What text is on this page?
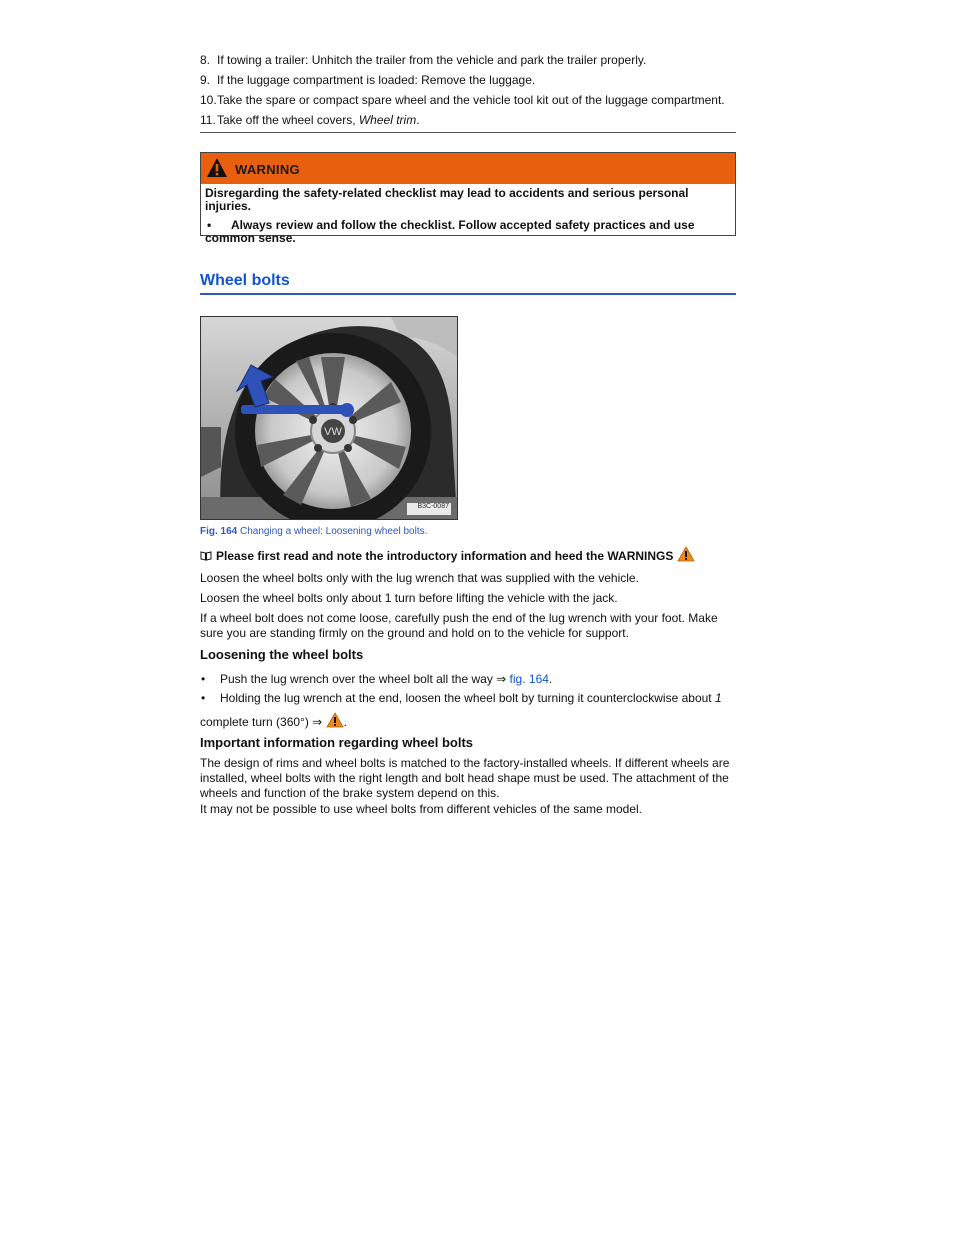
8. If towing a trailer: Unhitch the trailer from the vehicle and park the trailer properly.
9. If the luggage compartment is loaded: Remove the luggage.
10. Take the spare or compact spare wheel and the vehicle tool kit out of the luggage compartment.
11. Take off the wheel covers, Wheel trim.
WARNING

Disregarding the safety-related checklist may lead to accidents and serious personal injuries.

• Always review and follow the checklist. Follow accepted safety practices and use common sense.

Wheel bolts
VW
B3C-0087
Fig. 164 Changing a wheel: Loosening wheel bolts.

Please first read and note the introductory information and heed the WARNINGS

Loosen the wheel bolts only with the lug wrench that was supplied with the vehicle.

Loosen the wheel bolts only about 1 turn before lifting the vehicle with the jack.

If a wheel bolt does not come loose, carefully push the end of the lug wrench with your foot. Make sure you are standing firmly on the ground and hold on to the vehicle for support.

Loosening the wheel bolts
• Push the lug wrench over the wheel bolt all the way ⇒ fig. 164.
• Holding the lug wrench at the end, loosen the wheel bolt by turning it counterclockwise about 1
complete turn (360°) ⇒ .
Important information regarding wheel bolts

The design of rims and wheel bolts is matched to the factory-installed wheels. If different wheels are installed, wheel bolts with the right length and bolt head shape must be used. The attachment of the wheels and function of the brake system depend on this.

It may not be possible to use wheel bolts from different vehicles of the same model.
